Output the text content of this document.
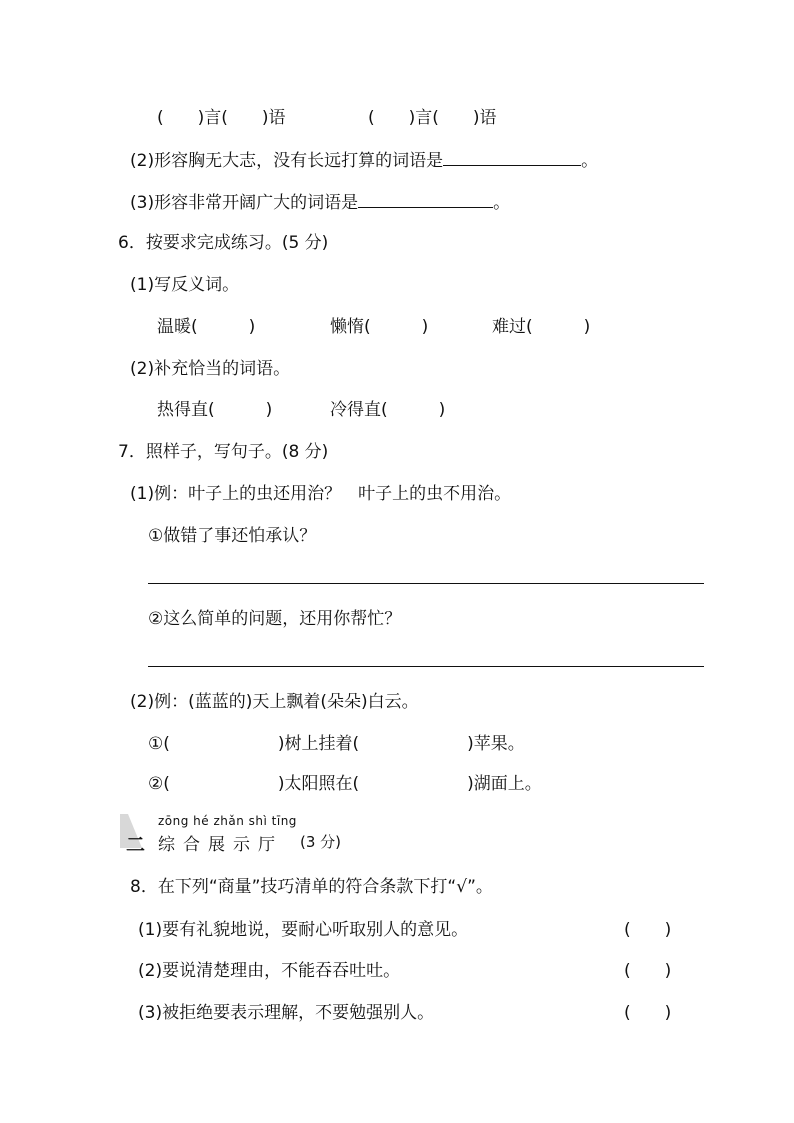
(　　)言(　　)语	(　　)言(　　)语
(2)形容胸无大志，没有长远打算的词语是	。
(3)形容非常开阔广大的词语是	。
6．按要求完成练习。(5 分)
(1)写反义词。
温暖(　　　)	懒惰(　　　)	难过(　　　)
(2)补充恰当的词语。
热得直(　　　)	冷得直(　　　)
7．照样子，写句子。(8 分)
(1)例：叶子上的虫还用治？　叶子上的虫不用治。
①做错了事还怕承认？
②这么简单的问题，还用你帮忙？
(2)例：(蓝蓝的)天上飘着(朵朵)白云。
①(	)树上挂着(	)苹果。
②(	)太阳照在(	)湖面上。
二
zōng hé zhǎn shì tīng
综合展示厅 (3 分)
8．在下列“商量”技巧清单的符合条款下打“√”。
(1)要有礼貌地说，要耐心听取别人的意见。	(　　)
(2)要说清楚理由，不能吞吞吐吐。	(　　)
(3)被拒绝要表示理解，不要勉强别人。	(　　)
